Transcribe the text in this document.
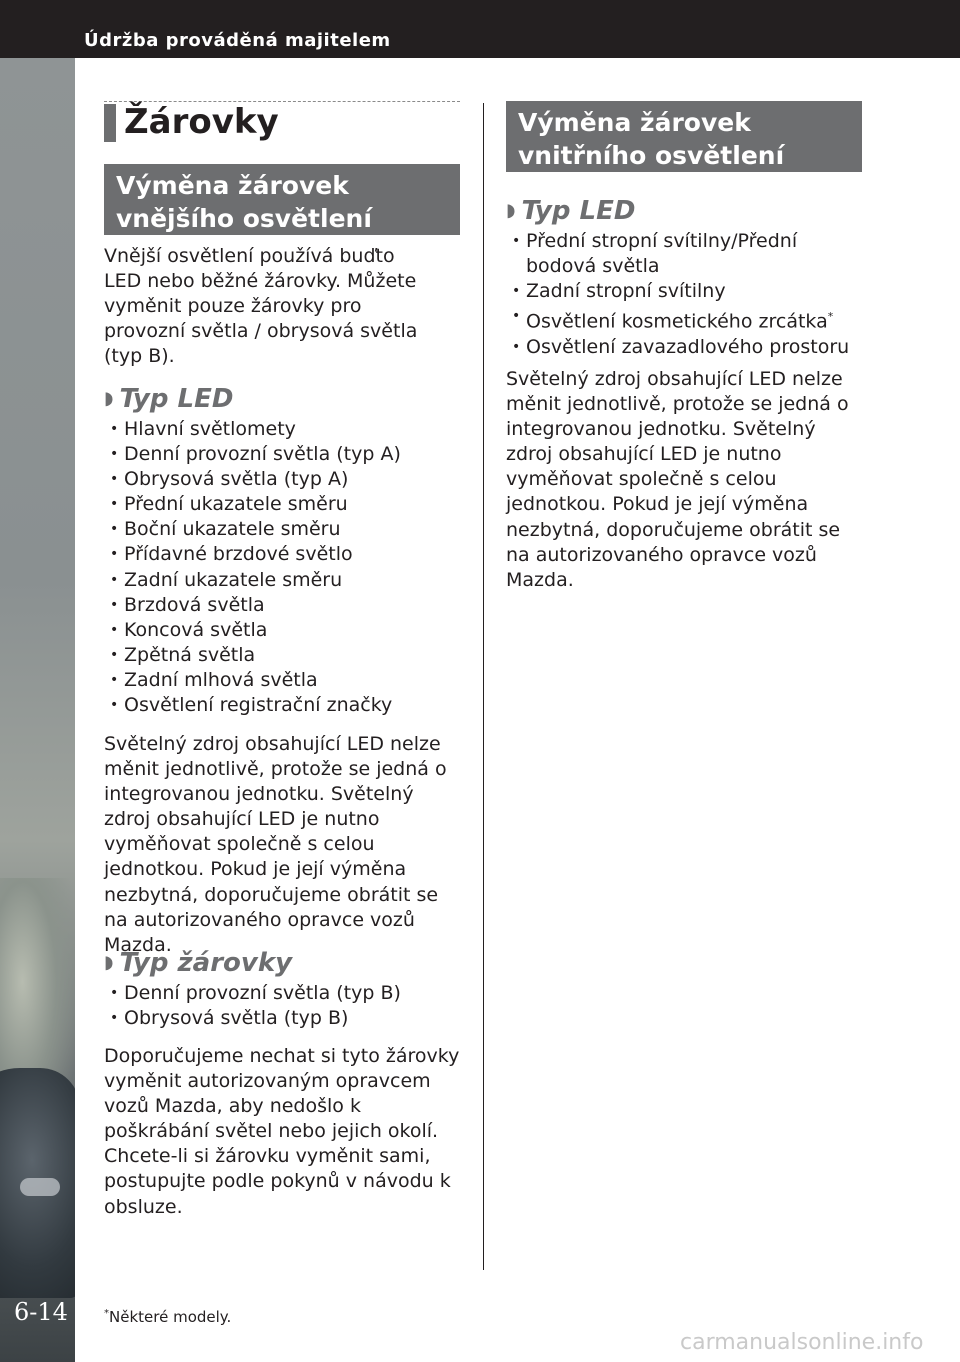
Údržba prováděná majitelem
6-14
Žárovky
Výměna žárovek vnějšího osvětlení

Vnější osvětlení používá buďto LED nebo běžné žárovky. Můžete vyměnit pouze žárovky pro provozní světla / obrysová světla (typ B).

◗ Typ LED
• Hlavní světlomety
• Denní provozní světla (typ A)
• Obrysová světla (typ A)
• Přední ukazatele směru
• Boční ukazatele směru
• Přídavné brzdové světlo
• Zadní ukazatele směru
• Brzdová světla
• Koncová světla
• Zpětná světla
• Zadní mlhová světla
• Osvětlení registrační značky

Světelný zdroj obsahující LED nelze měnit jednotlivě, protože se jedná o integrovanou jednotku. Světelný zdroj obsahující LED je nutno vyměňovat společně s celou jednotkou. Pokud je její výměna nezbytná, doporučujeme obrátit se na autorizovaného opravce vozů Mazda.

◗ Typ žárovky
• Denní provozní světla (typ B)
• Obrysová světla (typ B)

Doporučujeme nechat si tyto žárovky vyměnit autorizovaným opravcem vozů Mazda, aby nedošlo k poškrábání světel nebo jejich okolí. Chcete-li si žárovku vyměnit sami, postupujte podle pokynů v návodu k obsluze.

Výměna žárovek vnitřního osvětlení
◗ Typ LED
• Přední stropní svítilny/Přední bodová světla
• Zadní stropní svítilny
• Osvětlení kosmetického zrcátka*
• Osvětlení zavazadlového prostoru

Světelný zdroj obsahující LED nelze měnit jednotlivě, protože se jedná o integrovanou jednotku. Světelný zdroj obsahující LED je nutno vyměňovat společně s celou jednotkou. Pokud je její výměna nezbytná, doporučujeme obrátit se na autorizovaného opravce vozů Mazda.

*Některé modely.
carmanualsonline.info
